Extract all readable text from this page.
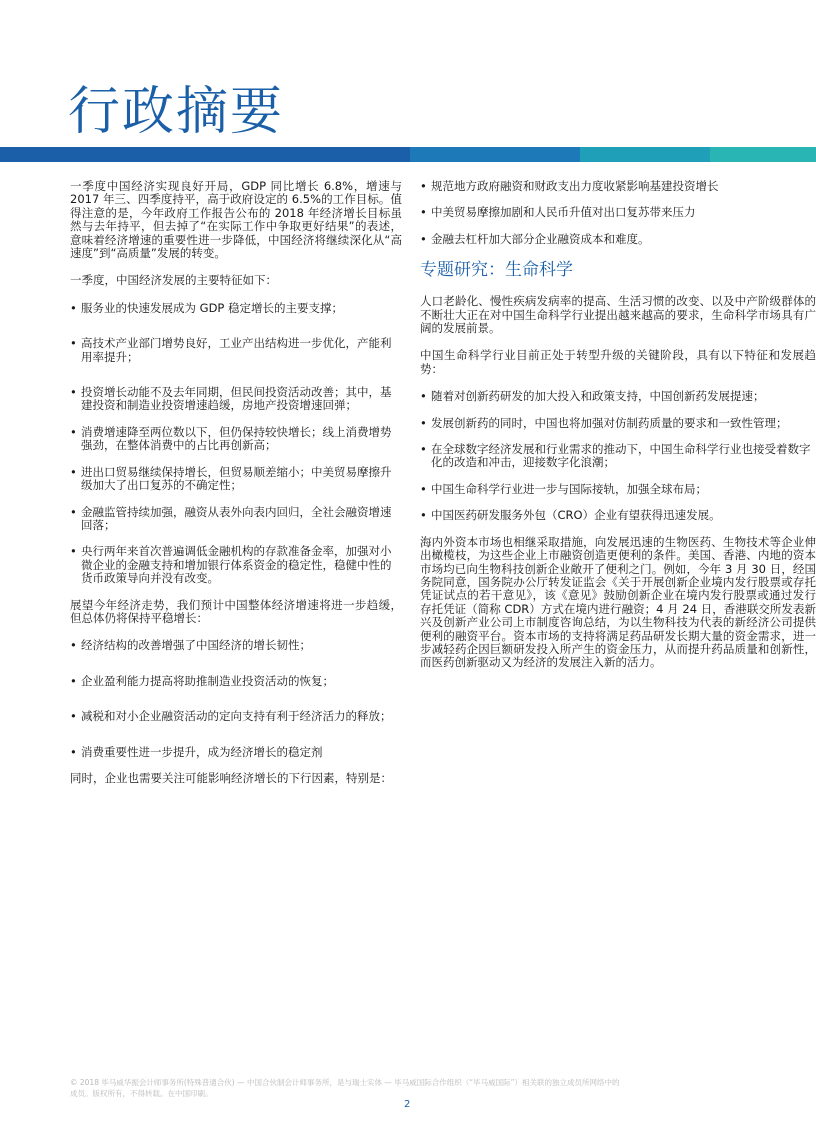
行政摘要

一季度中国经济实现良好开局，GDP 同比增长 6.8%，增速与 2017 年三、四季度持平，高于政府设定的 6.5%的工作目标。值得注意的是，今年政府工作报告公布的 2018 年经济增长目标虽然与去年持平，但去掉了“在实际工作中争取更好结果”的表述，意味着经济增速的重要性进一步降低，中国经济将继续深化从“高速度”到“高质量”发展的转变。

一季度，中国经济发展的主要特征如下：

• 服务业的快速发展成为 GDP 稳定增长的主要支撑；
• 高技术产业部门增势良好，工业产出结构进一步优化，产能利用率提升；
• 投资增长动能不及去年同期，但民间投资活动改善；其中，基建投资和制造业投资增速趋缓，房地产投资增速回弹；
• 消费增速降至两位数以下，但仍保持较快增长；线上消费增势强劲，在整体消费中的占比再创新高；
• 进出口贸易继续保持增长，但贸易顺差缩小；中美贸易摩擦升级加大了出口复苏的不确定性；
• 金融监管持续加强，融资从表外向表内回归，全社会融资增速回落；
• 央行两年来首次普遍调低金融机构的存款准备金率，加强对小微企业的金融支持和增加银行体系资金的稳定性，稳健中性的货币政策导向并没有改变。

展望今年经济走势，我们预计中国整体经济增速将进一步趋缓，但总体仍将保持平稳增长：

• 经济结构的改善增强了中国经济的增长韧性；
• 企业盈利能力提高将助推制造业投资活动的恢复；
• 减税和对小企业融资活动的定向支持有利于经济活力的释放；
• 消费重要性进一步提升，成为经济增长的稳定剂

同时，企业也需要关注可能影响经济增长的下行因素，特别是：

• 规范地方政府融资和财政支出力度收紧影响基建投资增长
• 中美贸易摩擦加剧和人民币升值对出口复苏带来压力
• 金融去杠杆加大部分企业融资成本和难度。
专题研究：生命科学

人口老龄化、慢性疾病发病率的提高、生活习惯的改变、以及中产阶级群体的不断壮大正在对中国生命科学行业提出越来越高的要求，生命科学市场具有广阔的发展前景。

中国生命科学行业目前正处于转型升级的关键阶段，具有以下特征和发展趋势：

• 随着对创新药研发的加大投入和政策支持，中国创新药发展提速；
• 发展创新药的同时，中国也将加强对仿制药质量的要求和一致性管理；
• 在全球数字经济发展和行业需求的推动下，中国生命科学行业也接受着数字化的改造和冲击，迎接数字化浪潮；
• 中国生命科学行业进一步与国际接轨，加强全球布局；
• 中国医药研发服务外包（CRO）企业有望获得迅速发展。

海内外资本市场也相继采取措施，向发展迅速的生物医药、生物技术等企业伸出橄榄枝，为这些企业上市融资创造更便利的条件。美国、香港、内地的资本市场均已向生物科技创新企业敞开了便利之门。例如，今年 3 月 30 日，经国务院同意，国务院办公厅转发证监会《关于开展创新企业境内发行股票或存托凭证试点的若干意见》，该《意见》鼓励创新企业在境内发行股票或通过发行存托凭证（简称 CDR）方式在境内进行融资；4 月 24 日，香港联交所发表新兴及创新产业公司上市制度咨询总结，为以生物科技为代表的新经济公司提供便利的融资平台。资本市场的支持将满足药品研发长期大量的资金需求，进一步减轻药企因巨额研发投入所产生的资金压力，从而提升药品质量和创新性，而医药创新驱动又为经济的发展注入新的活力。

© 2018 毕马威华振会计师事务所(特殊普通合伙) — 中国合伙制会计师事务所，是与瑞士实体 — 毕马威国际合作组织（“毕马威国际”）相关联的独立成员所网络中的
成员。版权所有，不得转载。在中国印刷。
2
